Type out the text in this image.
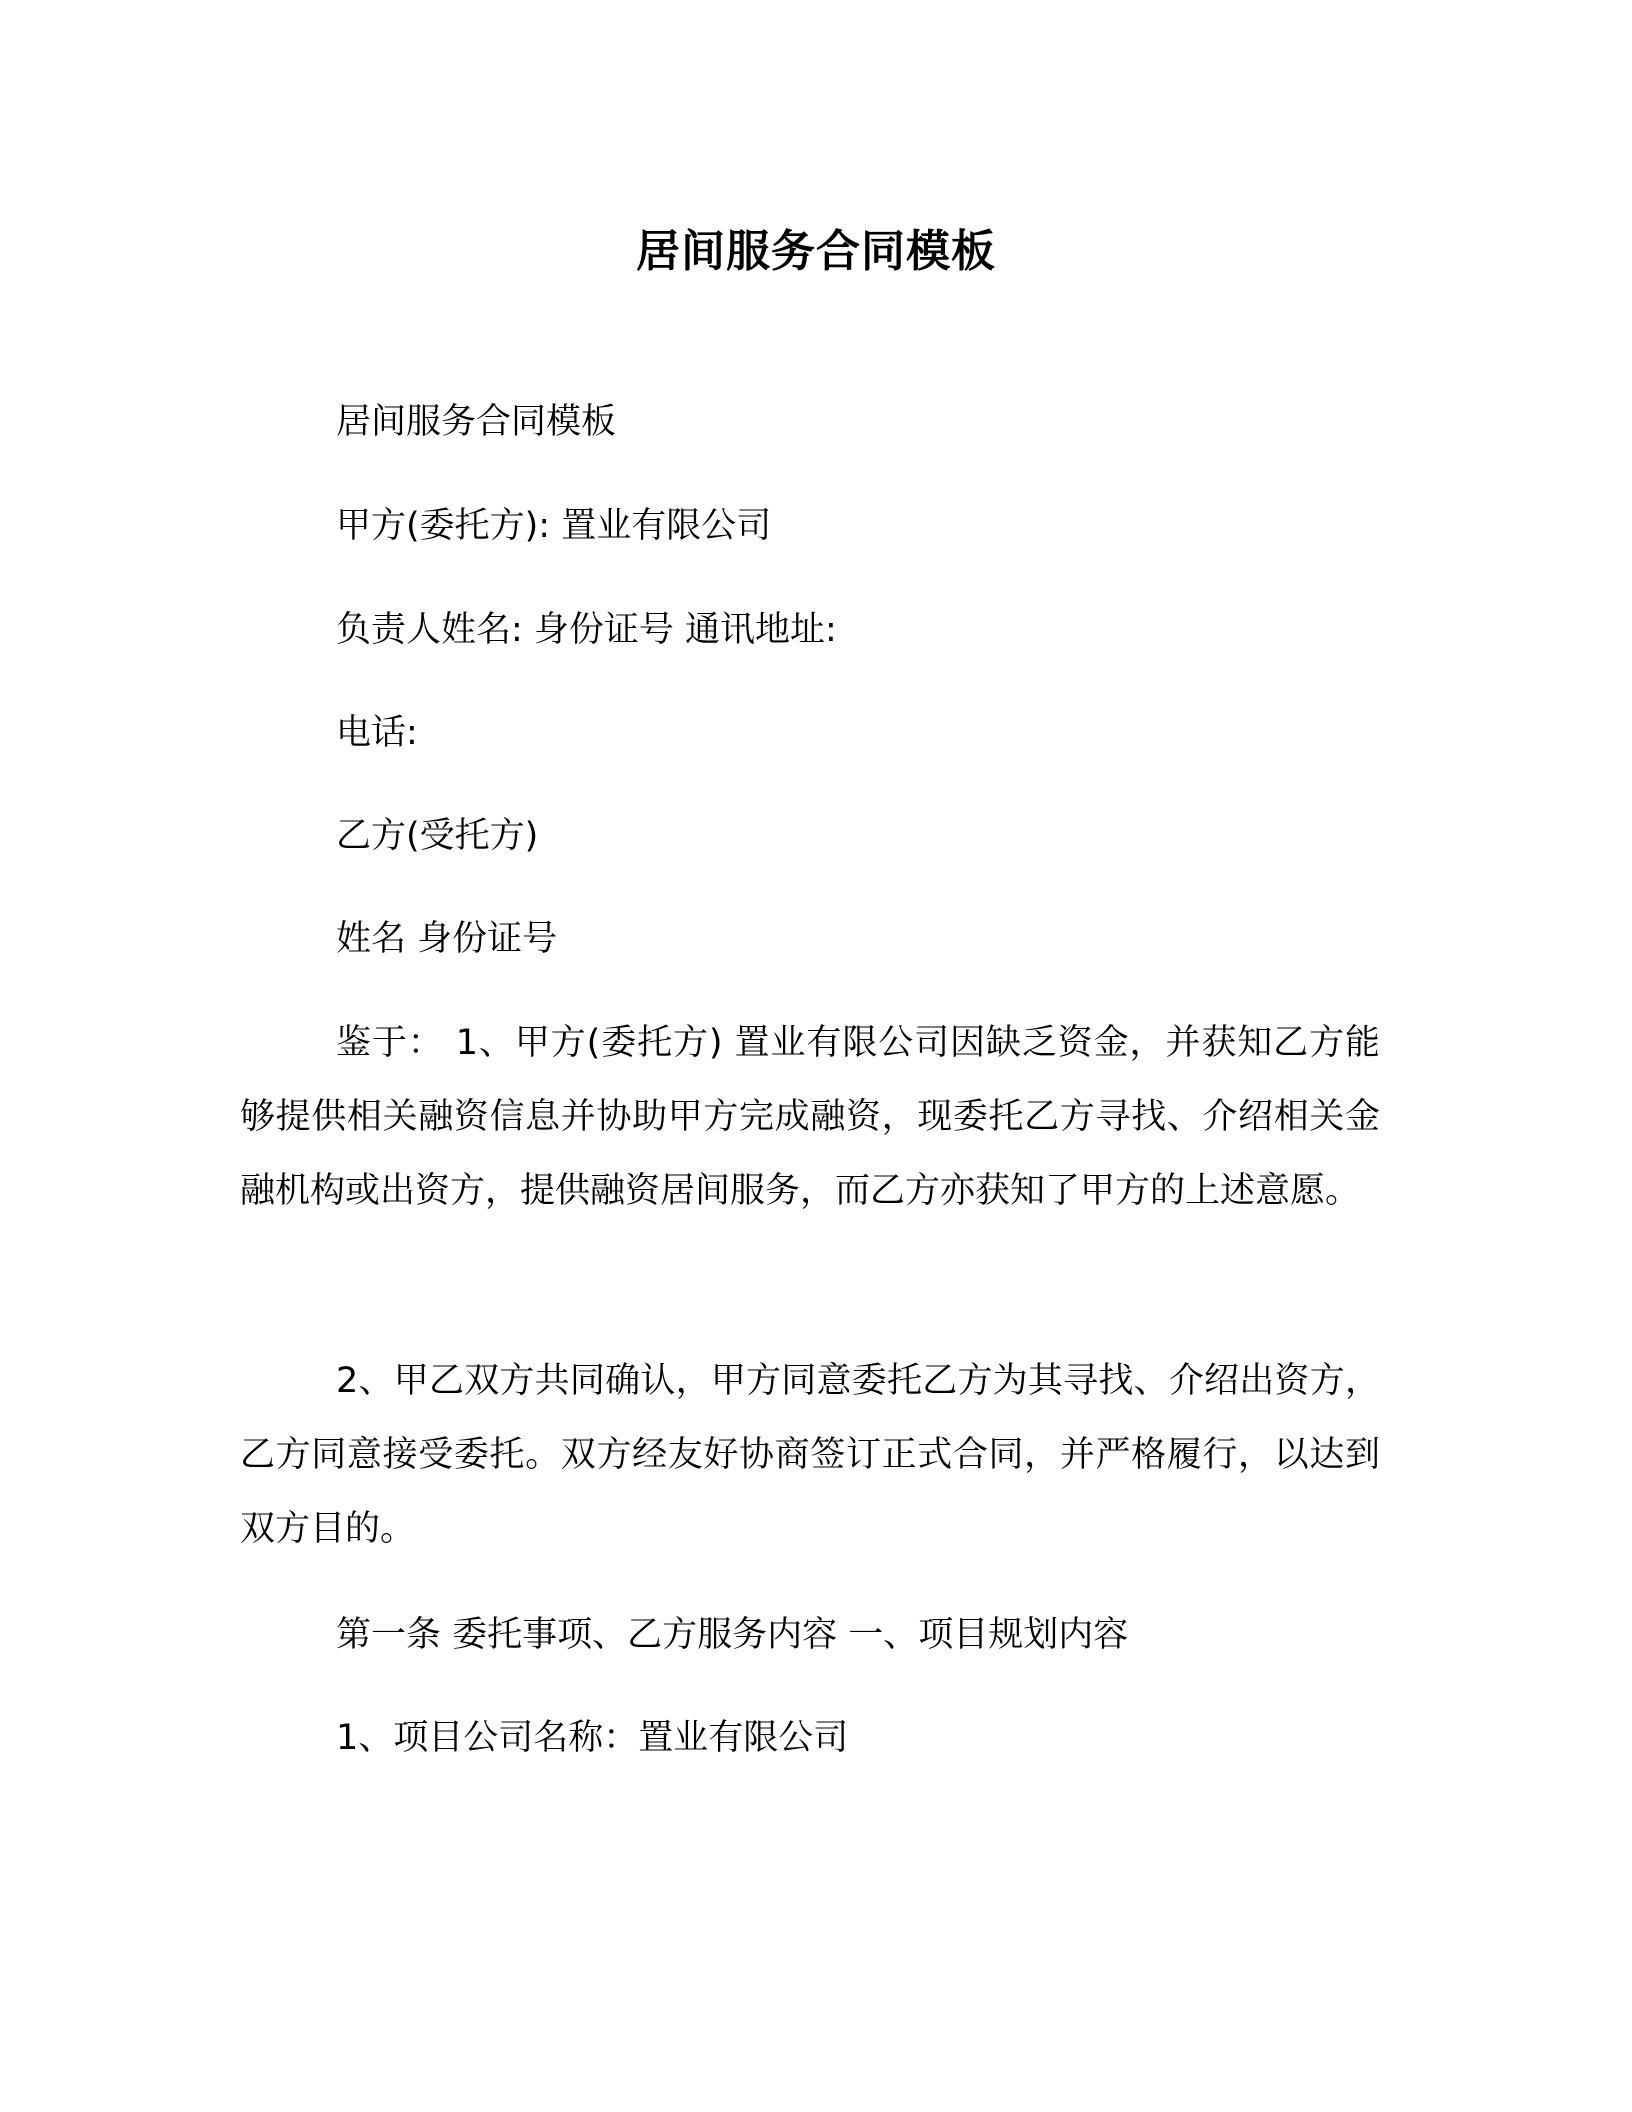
居间服务合同模板
居间服务合同模板
甲方(委托方): 置业有限公司
负责人姓名: 身份证号 通讯地址:
电话:
乙方(受托方)
姓名 身份证号
鉴于： 1、甲方(委托方) 置业有限公司因缺乏资金，并获知乙方能够提供相关融资信息并协助甲方完成融资，现委托乙方寻找、介绍相关金融机构或出资方，提供融资居间服务，而乙方亦获知了甲方的上述意愿。
2、甲乙双方共同确认，甲方同意委托乙方为其寻找、介绍出资方，乙方同意接受委托。双方经友好协商签订正式合同，并严格履行，以达到双方目的。
第一条 委托事项、乙方服务内容 一、项目规划内容
1、项目公司名称：置业有限公司
